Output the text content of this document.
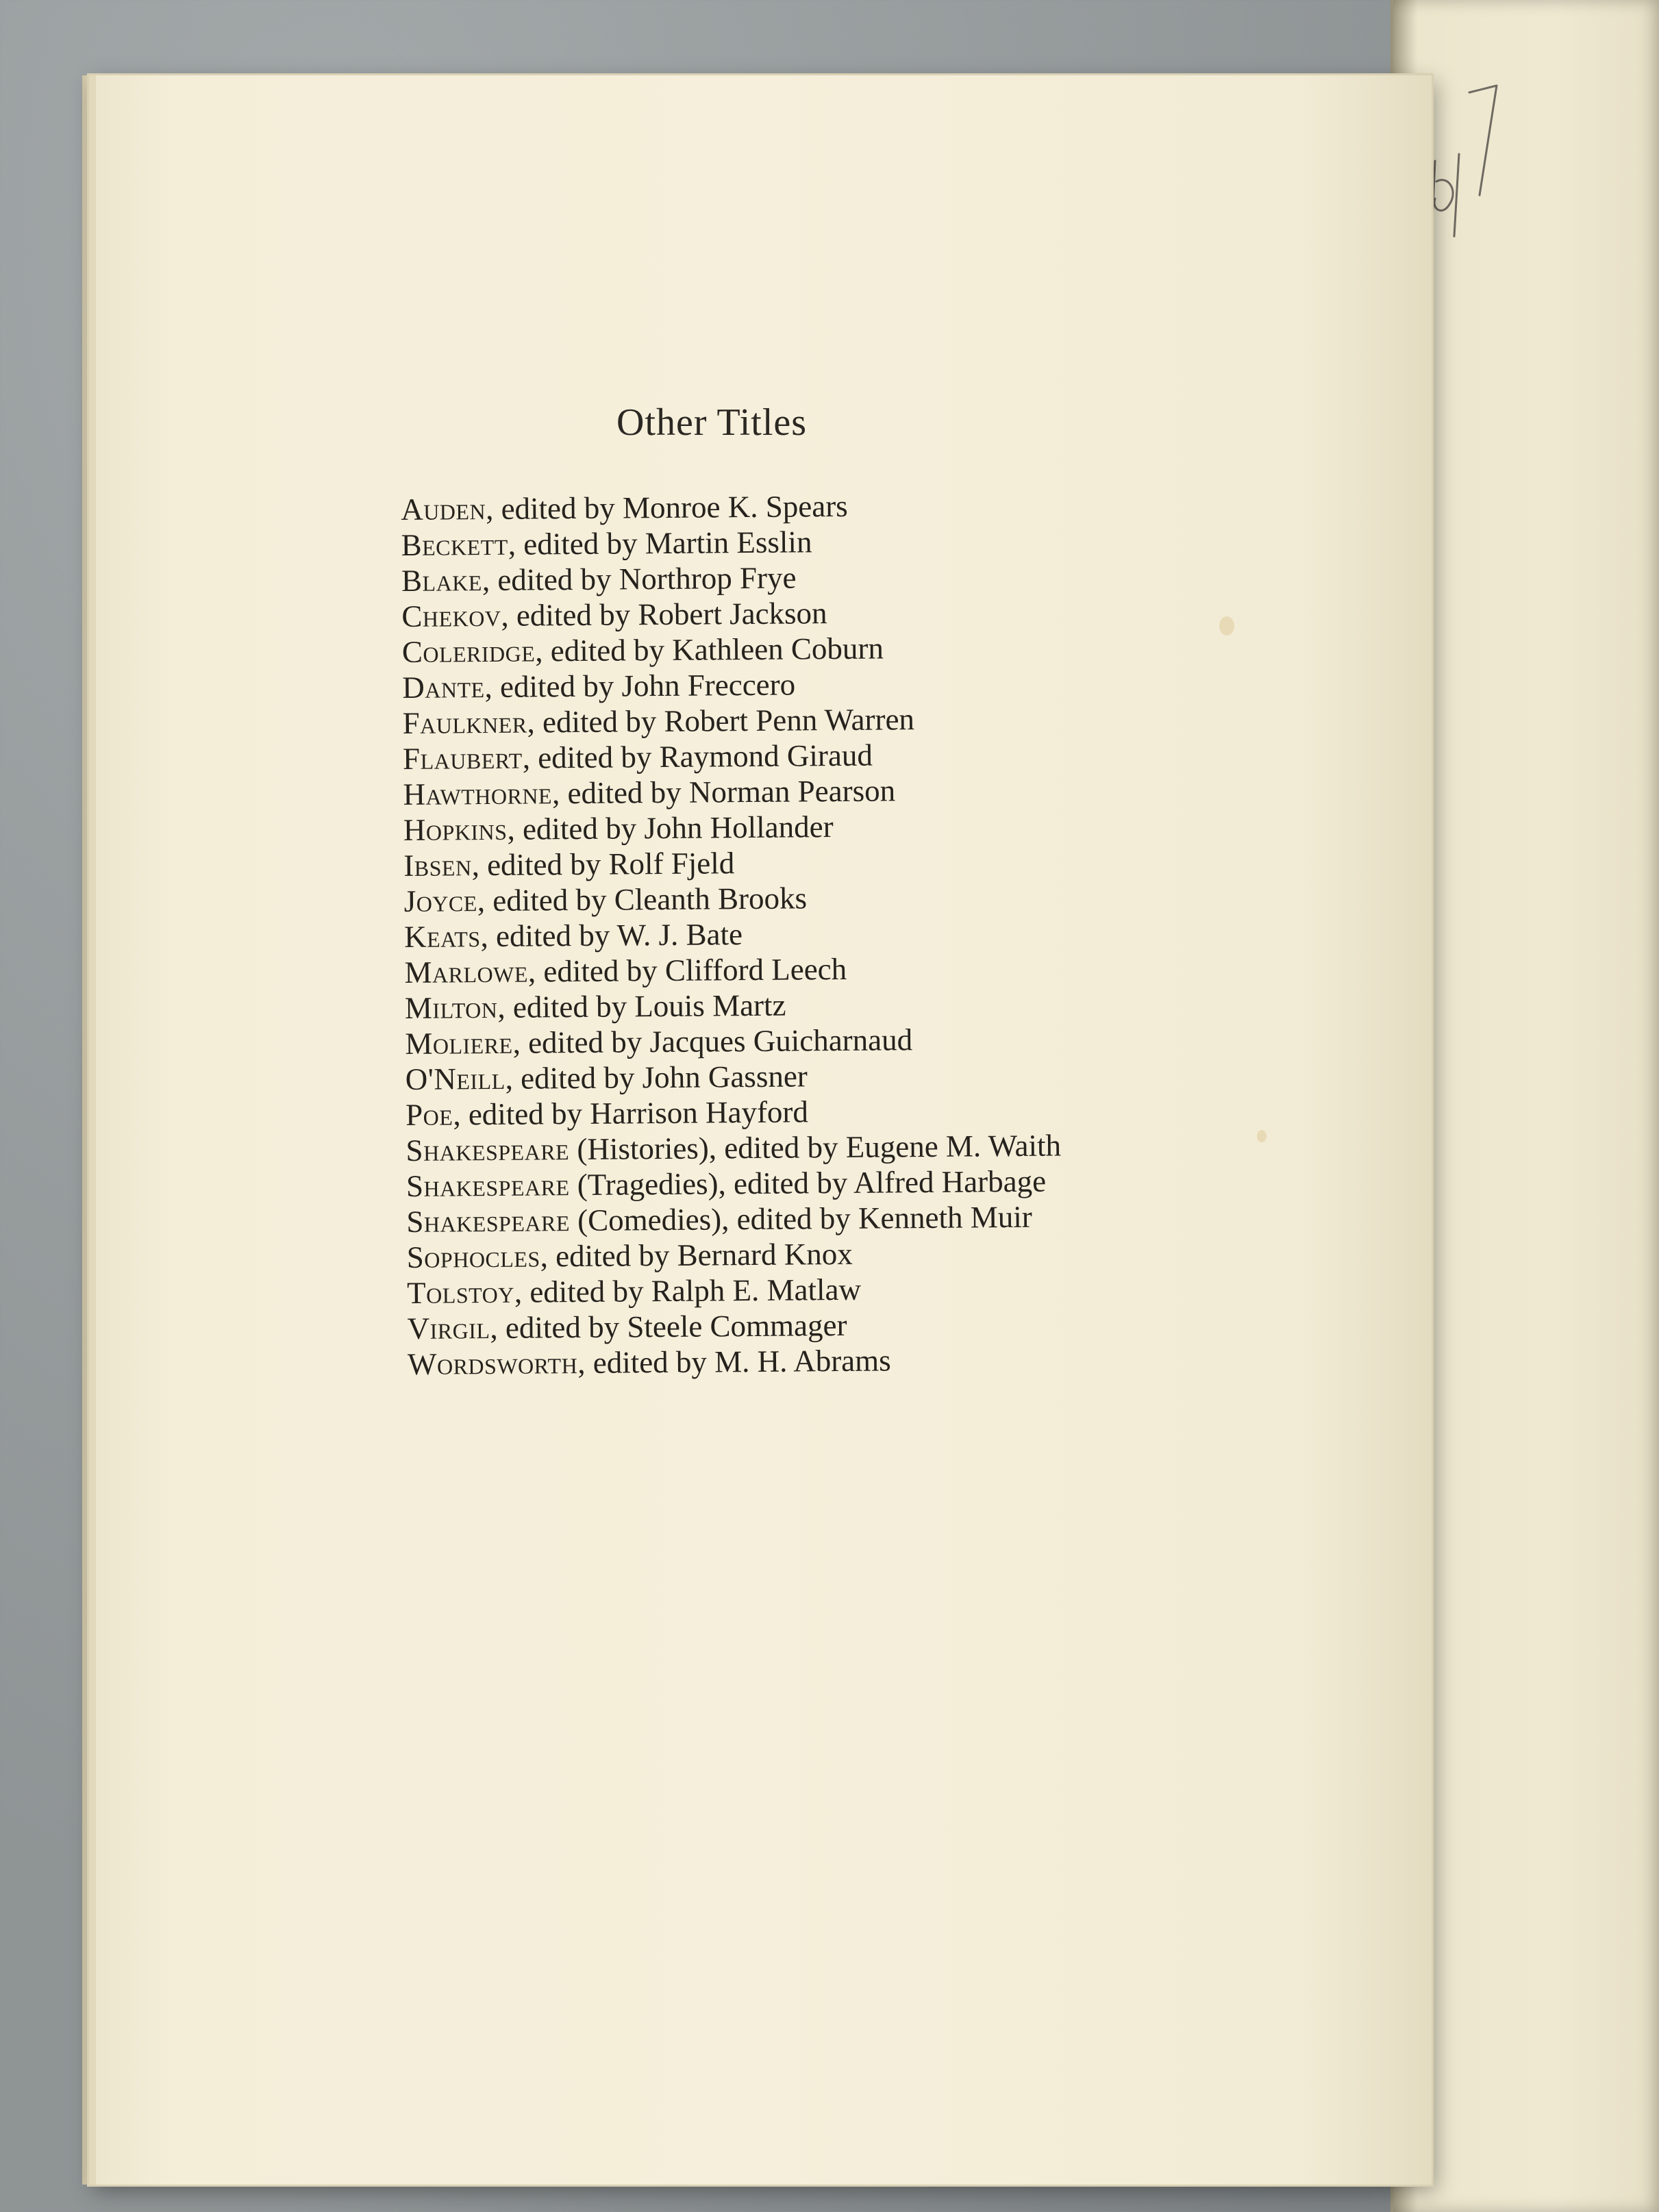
Other Titles
Auden, edited by Monroe K. Spears
Beckett, edited by Martin Esslin
Blake, edited by Northrop Frye
Chekov, edited by Robert Jackson
Coleridge, edited by Kathleen Coburn
Dante, edited by John Freccero
Faulkner, edited by Robert Penn Warren
Flaubert, edited by Raymond Giraud
Hawthorne, edited by Norman Pearson
Hopkins, edited by John Hollander
Ibsen, edited by Rolf Fjeld
Joyce, edited by Cleanth Brooks
Keats, edited by W. J. Bate
Marlowe, edited by Clifford Leech
Milton, edited by Louis Martz
Moliere, edited by Jacques Guicharnaud
O'Neill, edited by John Gassner
Poe, edited by Harrison Hayford
Shakespeare (Histories), edited by Eugene M. Waith
Shakespeare (Tragedies), edited by Alfred Harbage
Shakespeare (Comedies), edited by Kenneth Muir
Sophocles, edited by Bernard Knox
Tolstoy, edited by Ralph E. Matlaw
Virgil, edited by Steele Commager
Wordsworth, edited by M. H. Abrams
